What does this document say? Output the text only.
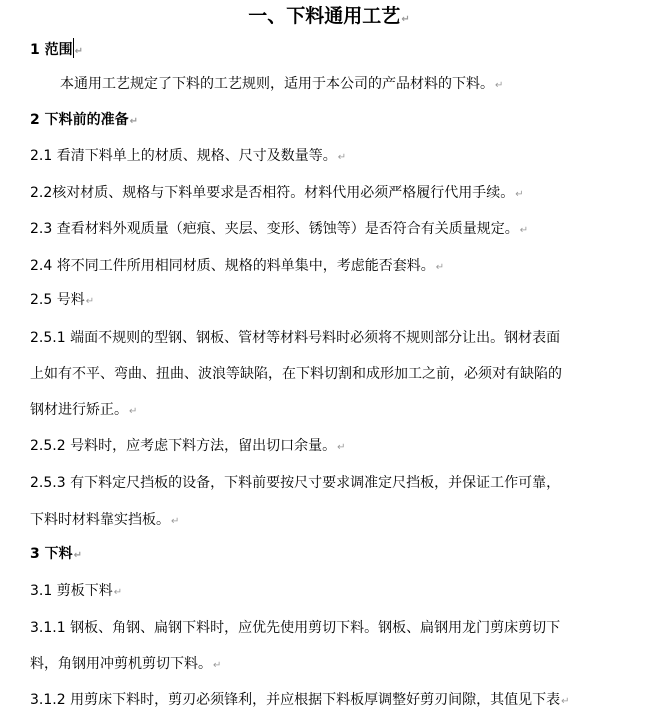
一、下料通用工艺↵
1 范围 ↵
本通用工艺规定了下料的工艺规则，适用于本公司的产品材料的下料。↵
2 下料前的准备↵
2.1 看清下料单上的材质、规格、尺寸及数量等。↵
2.2核对材质、规格与下料单要求是否相符。材料代用必须严格履行代用手续。↵
2.3 查看材料外观质量（疤痕、夹层、变形、锈蚀等）是否符合有关质量规定。↵
2.4 将不同工件所用相同材质、规格的料单集中，考虑能否套料。↵
2.5 号料↵
2.5.1 端面不规则的型钢、钢板、管材等材料号料时必须将不规则部分让出。钢材表面
上如有不平、弯曲、扭曲、波浪等缺陷，在下料切割和成形加工之前，必须对有缺陷的
钢材进行矫正。↵
2.5.2 号料时，应考虑下料方法，留出切口余量。↵
2.5.3 有下料定尺挡板的设备，下料前要按尺寸要求调准定尺挡板，并保证工作可靠，
下料时材料靠实挡板。↵
3 下料↵
3.1 剪板下料↵
3.1.1 钢板、角钢、扁钢下料时，应优先使用剪切下料。钢板、扁钢用龙门剪床剪切下
料，角钢用冲剪机剪切下料。↵
3.1.2 用剪床下料时，剪刃必须锋利，并应根据下料板厚调整好剪刃间隙，其值见下表↵
